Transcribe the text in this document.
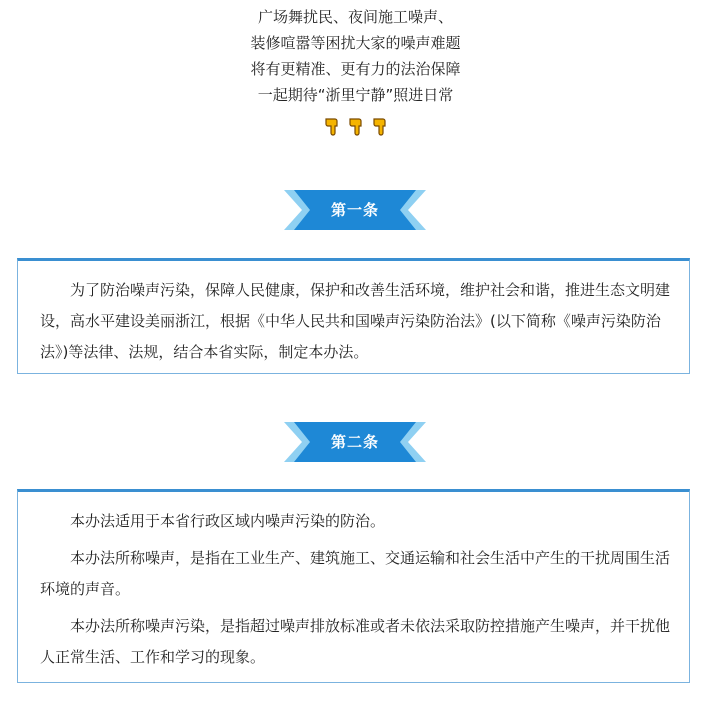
广场舞扰民、夜间施工噪声、

装修喧嚣等困扰大家的噪声难题

将有更精准、更有力的法治保障

一起期待“浙里宁静”照进日常

第一条

为了防治噪声污染，保障人民健康，保护和改善生活环境，维护社会和谐，推进生态文明建设，高水平建设美丽浙江，根据《中华人民共和国噪声污染防治法》(以下简称《噪声污染防治法》)等法律、法规，结合本省实际，制定本办法。

第二条

本办法适用于本省行政区域内噪声污染的防治。

本办法所称噪声，是指在工业生产、建筑施工、交通运输和社会生活中产生的干扰周围生活环境的声音。

本办法所称噪声污染，是指超过噪声排放标准或者未依法采取防控措施产生噪声，并干扰他人正常生活、工作和学习的现象。
